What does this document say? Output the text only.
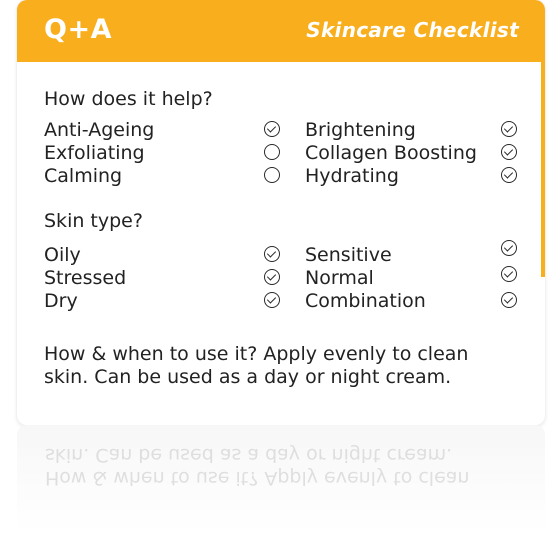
Q+A	Skincare Checklist
How does it help?
Anti-Ageing	Brightening
Exfoliating	Collagen Boosting
Calming	Hydrating
Skin type?
Oily	Sensitive
Stressed	Normal
Dry	Combination
How & when to use it? Apply evenly to clean skin. Can be used as a day or night cream.
How & when to use it? Apply evenly to clean skin. Can be used as a day or night cream.
